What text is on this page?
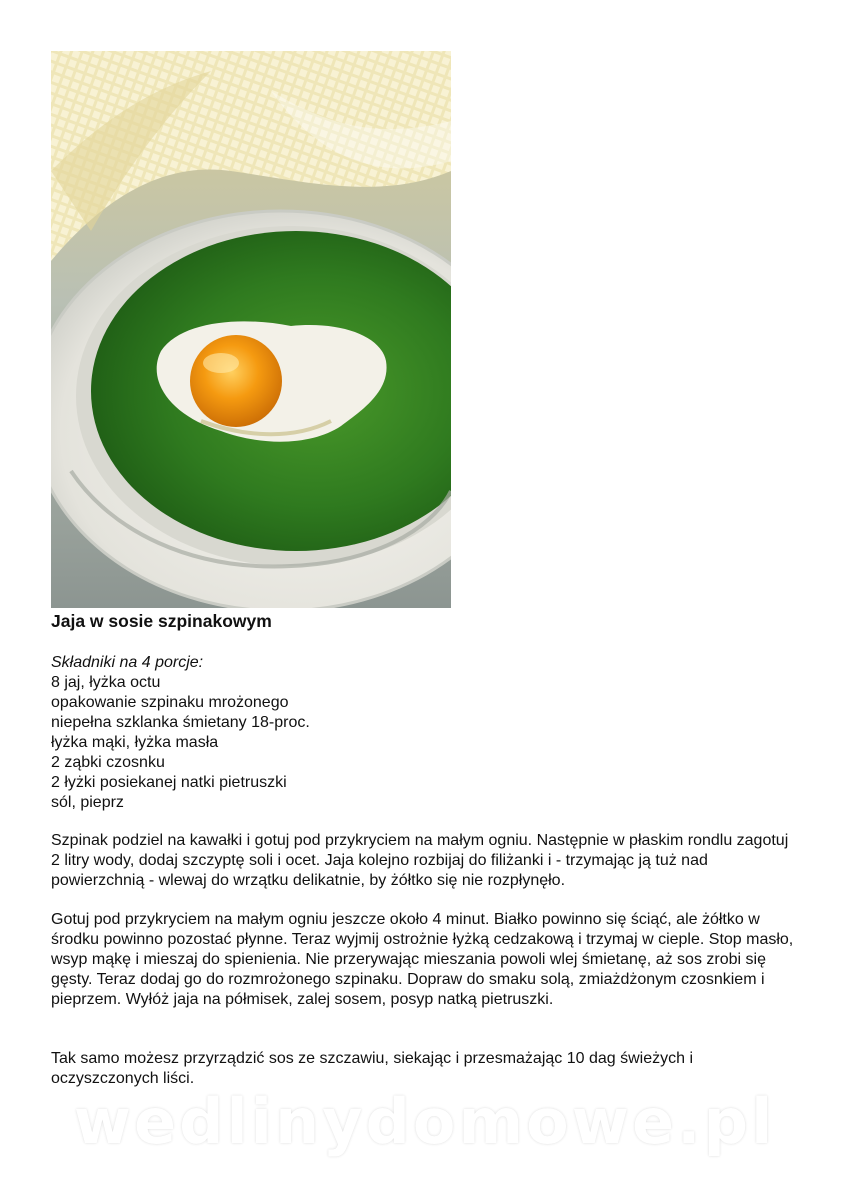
Jaja w sosie szpinakowym
Składniki na 4 porcje:
8 jaj, łyżka octu
opakowanie szpinaku mrożonego
niepełna szklanka śmietany 18-proc.
łyżka mąki, łyżka masła
2 ząbki czosnku
2 łyżki posiekanej natki pietruszki
sól, pieprz

Szpinak podziel na kawałki i gotuj pod przykryciem na małym ogniu. Następnie w płaskim rondlu zagotuj 2 litry wody, dodaj szczyptę soli i ocet. Jaja kolejno rozbijaj do filiżanki i - trzymając ją tuż nad powierzchnią - wlewaj do wrzątku delikatnie, by żółtko się nie rozpłynęło.

Gotuj pod przykryciem na małym ogniu jeszcze około 4 minut. Białko powinno się ściąć, ale żółtko w środku powinno pozostać płynne. Teraz wyjmij ostrożnie łyżką cedzakową i trzymaj w cieple. Stop masło, wsyp mąkę i mieszaj do spienienia. Nie przerywając mieszania powoli wlej śmietanę, aż sos zrobi się gęsty. Teraz dodaj go do rozmrożonego szpinaku. Dopraw do smaku solą, zmiażdżonym czosnkiem i pieprzem. Wyłóż jaja na półmisek, zalej sosem, posyp natką pietruszki.

Tak samo możesz przyrządzić sos ze szczawiu, siekając i przesmażając 10 dag świeżych i oczyszczonych liści.

wedlinydomowe.pl
